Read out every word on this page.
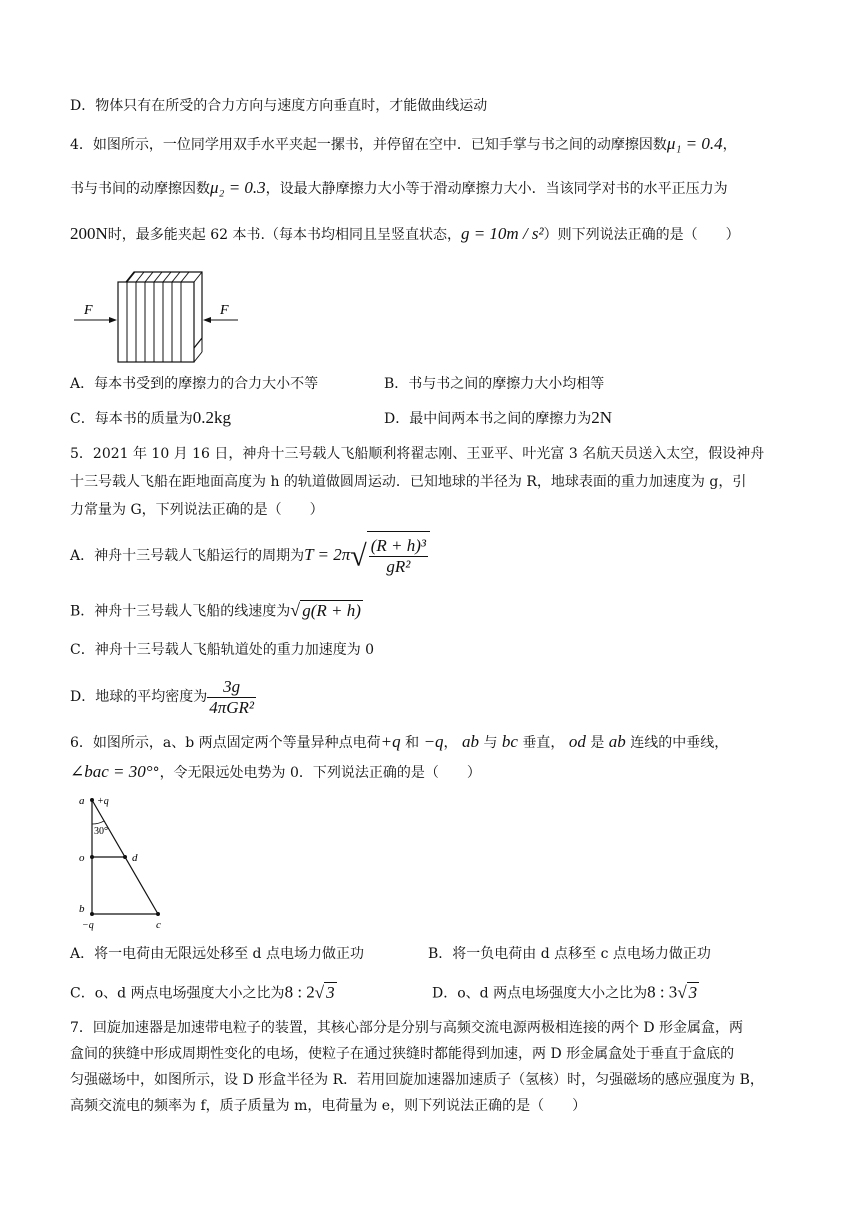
D．物体只有在所受的合力方向与速度方向垂直时，才能做曲线运动
4．如图所示，一位同学用双手水平夹起一摞书，并停留在空中．已知手掌与书之间的动摩擦因数μ₁ = 0.4，
书与书间的动摩擦因数μ₂ = 0.3，设最大静摩擦力大小等于滑动摩擦力大小．当该同学对书的水平正压力为
200N时，最多能夹起 62 本书.（每本书均相同且呈竖直状态，g = 10m / s²）则下列说法正确的是（　　）
F	F
A．每本书受到的摩擦力的合力大小不等	B．书与书之间的摩擦力大小均相等
C．每本书的质量为0.2kg	D．最中间两本书之间的摩擦力为2N
5．2021 年 10 月 16 日，神舟十三号载人飞船顺利将翟志刚、王亚平、叶光富 3 名航天员送入太空，假设神舟
十三号载人飞船在距地面高度为 h 的轨道做圆周运动．已知地球的半径为 R，地球表面的重力加速度为 g，引
力常量为 G，下列说法正确的是（　　）
A．神舟十三号载人飞船运行的周期为$T = 2\pi√ \frac{\text{(R + h)³}}{\text{gR²}}$
B．神舟十三号载人飞船的线速度为√ g(R + h)
C．神舟十三号载人飞船轨道处的重力加速度为 0
D．地球的平均密度为 $\frac{3g}{\text{4πGR²}}$
6．如图所示，a、b 两点固定两个等量异种点电荷+q 和 −q， ab 与 bc 垂直， od 是 ab 连线的中垂线，
∠bac = 30°°，令无限远处电势为 0．下列说法正确的是（　　）
a +q
30°
o	d
b
c
−q
A．将一电荷由无限远处移至 d 点电场力做正功	B．将一负电荷由 d 点移至 c 点电场力做正功
C．o、d 两点电场强度大小之比为8 : 2√ 3	D．o、d 两点电场强度大小之比为8 : 3√ 3
7．回旋加速器是加速带电粒子的装置，其核心部分是分别与高频交流电源两极相连接的两个 D 形金属盒，两
盒间的狭缝中形成周期性变化的电场，使粒子在通过狭缝时都能得到加速，两 D 形金属盒处于垂直于盒底的
匀强磁场中，如图所示，设 D 形盒半径为 R．若用回旋加速器加速质子（氢核）时，匀强磁场的感应强度为 B，
高频交流电的频率为 f，质子质量为 m，电荷量为 e，则下列说法正确的是（　　）
